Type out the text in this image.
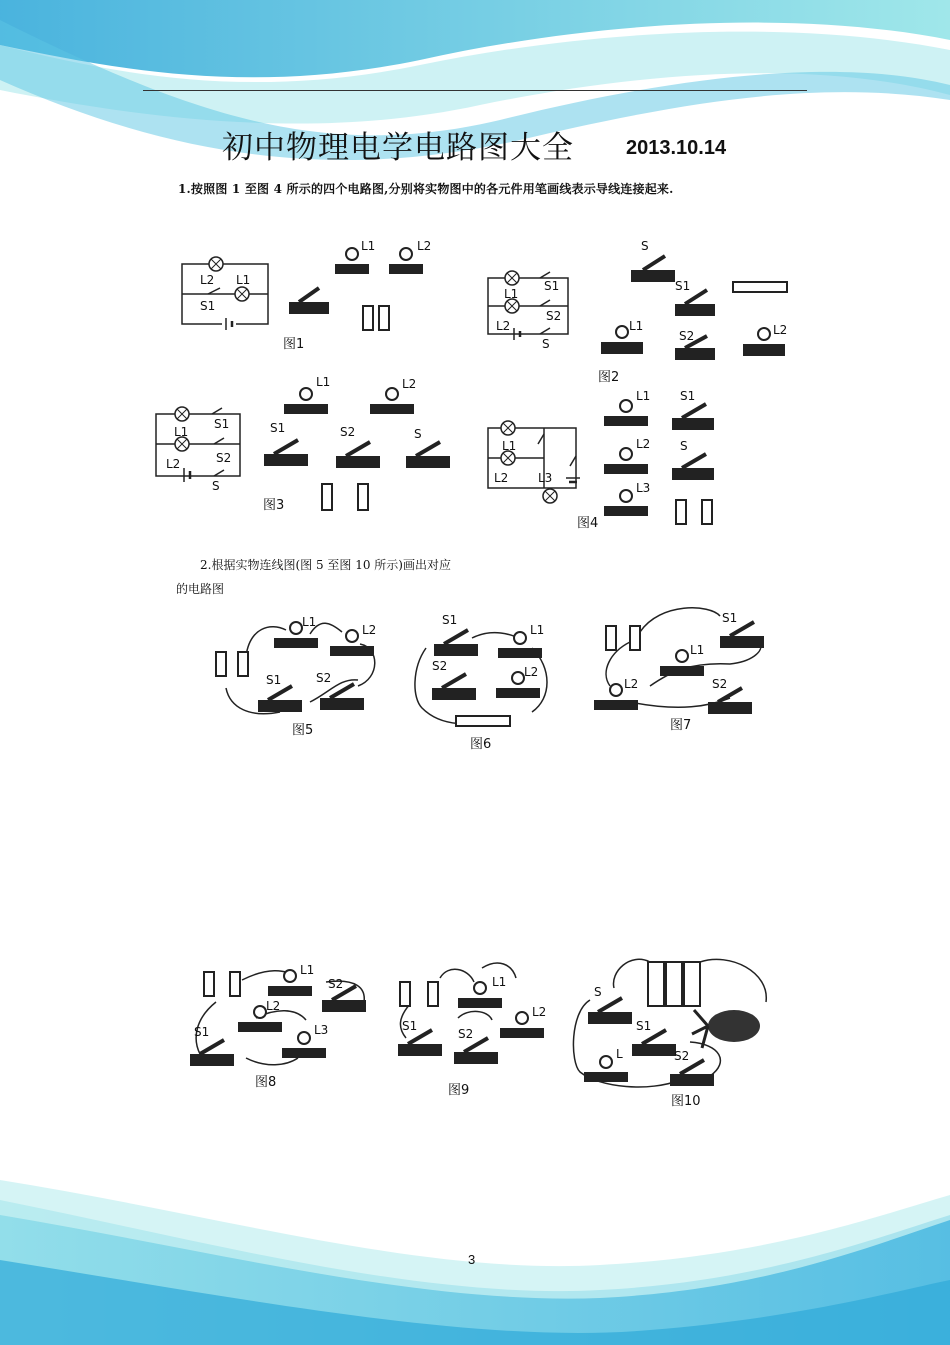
初中物理电学电路图大全	2013.10.14
1.按照图 1 至图 4 所示的四个电路图,分别将实物图中的各元件用笔画线表示导线连接起来.
L2 L1
S1
图1
L1	L2
L1
L2
S1
S2
S
图2
S
S1
L1
S2	L2
L1
L2
S1
S2
S
L1	L2
S1	S2	S
图3
L1
L2 L3
图4
L1 S1
L2 S
L3
2.根据实物连线图(图 5 至图 10 所示)画出对应
的电路图
L1
L2
S1	S2
图5
S1
L1
S2	L2
图6
S1
L1
L2	S2
图7
L1
S2
L2
S1	L3
图8
L1
L2
S1
S2
图9
S
S1
L	S2
图10
3
